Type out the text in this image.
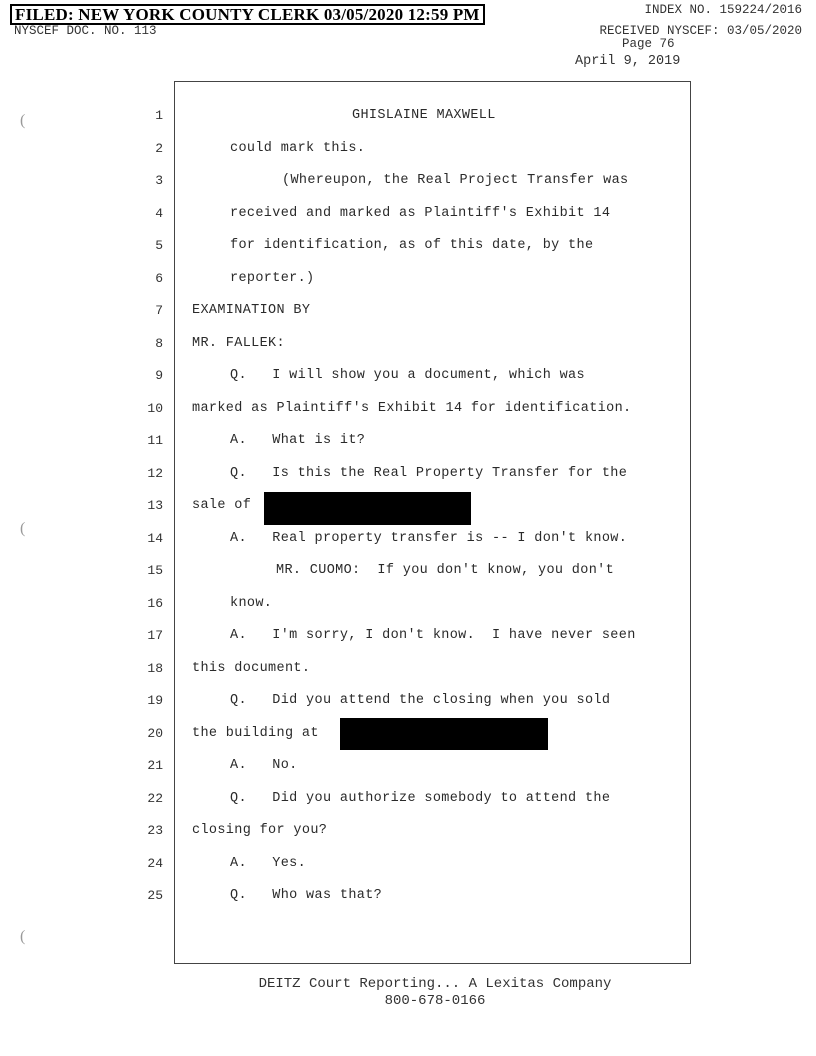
FILED: NEW YORK COUNTY CLERK 03/05/2020 12:59 PM	INDEX NO. 159224/2016
NYSCEF DOC. NO. 113	RECEIVED NYSCEF: 03/05/2020
Page 76
April 9, 2019
(
(
(
1
2
3
4
5
6
7
8
9
10
11
12
13
14
15
16
17
18
19
20
21
22
23
24
25
GHISLAINE MAXWELL
could mark this.
(Whereupon, the Real Project Transfer was
received and marked as Plaintiff's Exhibit 14
for identification, as of this date, by the
reporter.)
EXAMINATION BY
MR. FALLEK:
Q.   I will show you a document, which was
marked as Plaintiff's Exhibit 14 for identification.
A.   What is it?
Q.   Is this the Real Property Transfer for the
sale of
A.   Real property transfer is -- I don't know.
MR. CUOMO:  If you don't know, you don't
know.
A.   I'm sorry, I don't know.  I have never seen
this document.
Q.   Did you attend the closing when you sold
the building at
A.   No.
Q.   Did you authorize somebody to attend the
closing for you?
A.   Yes.
Q.   Who was that?
DEITZ Court Reporting... A Lexitas Company
800-678-0166
